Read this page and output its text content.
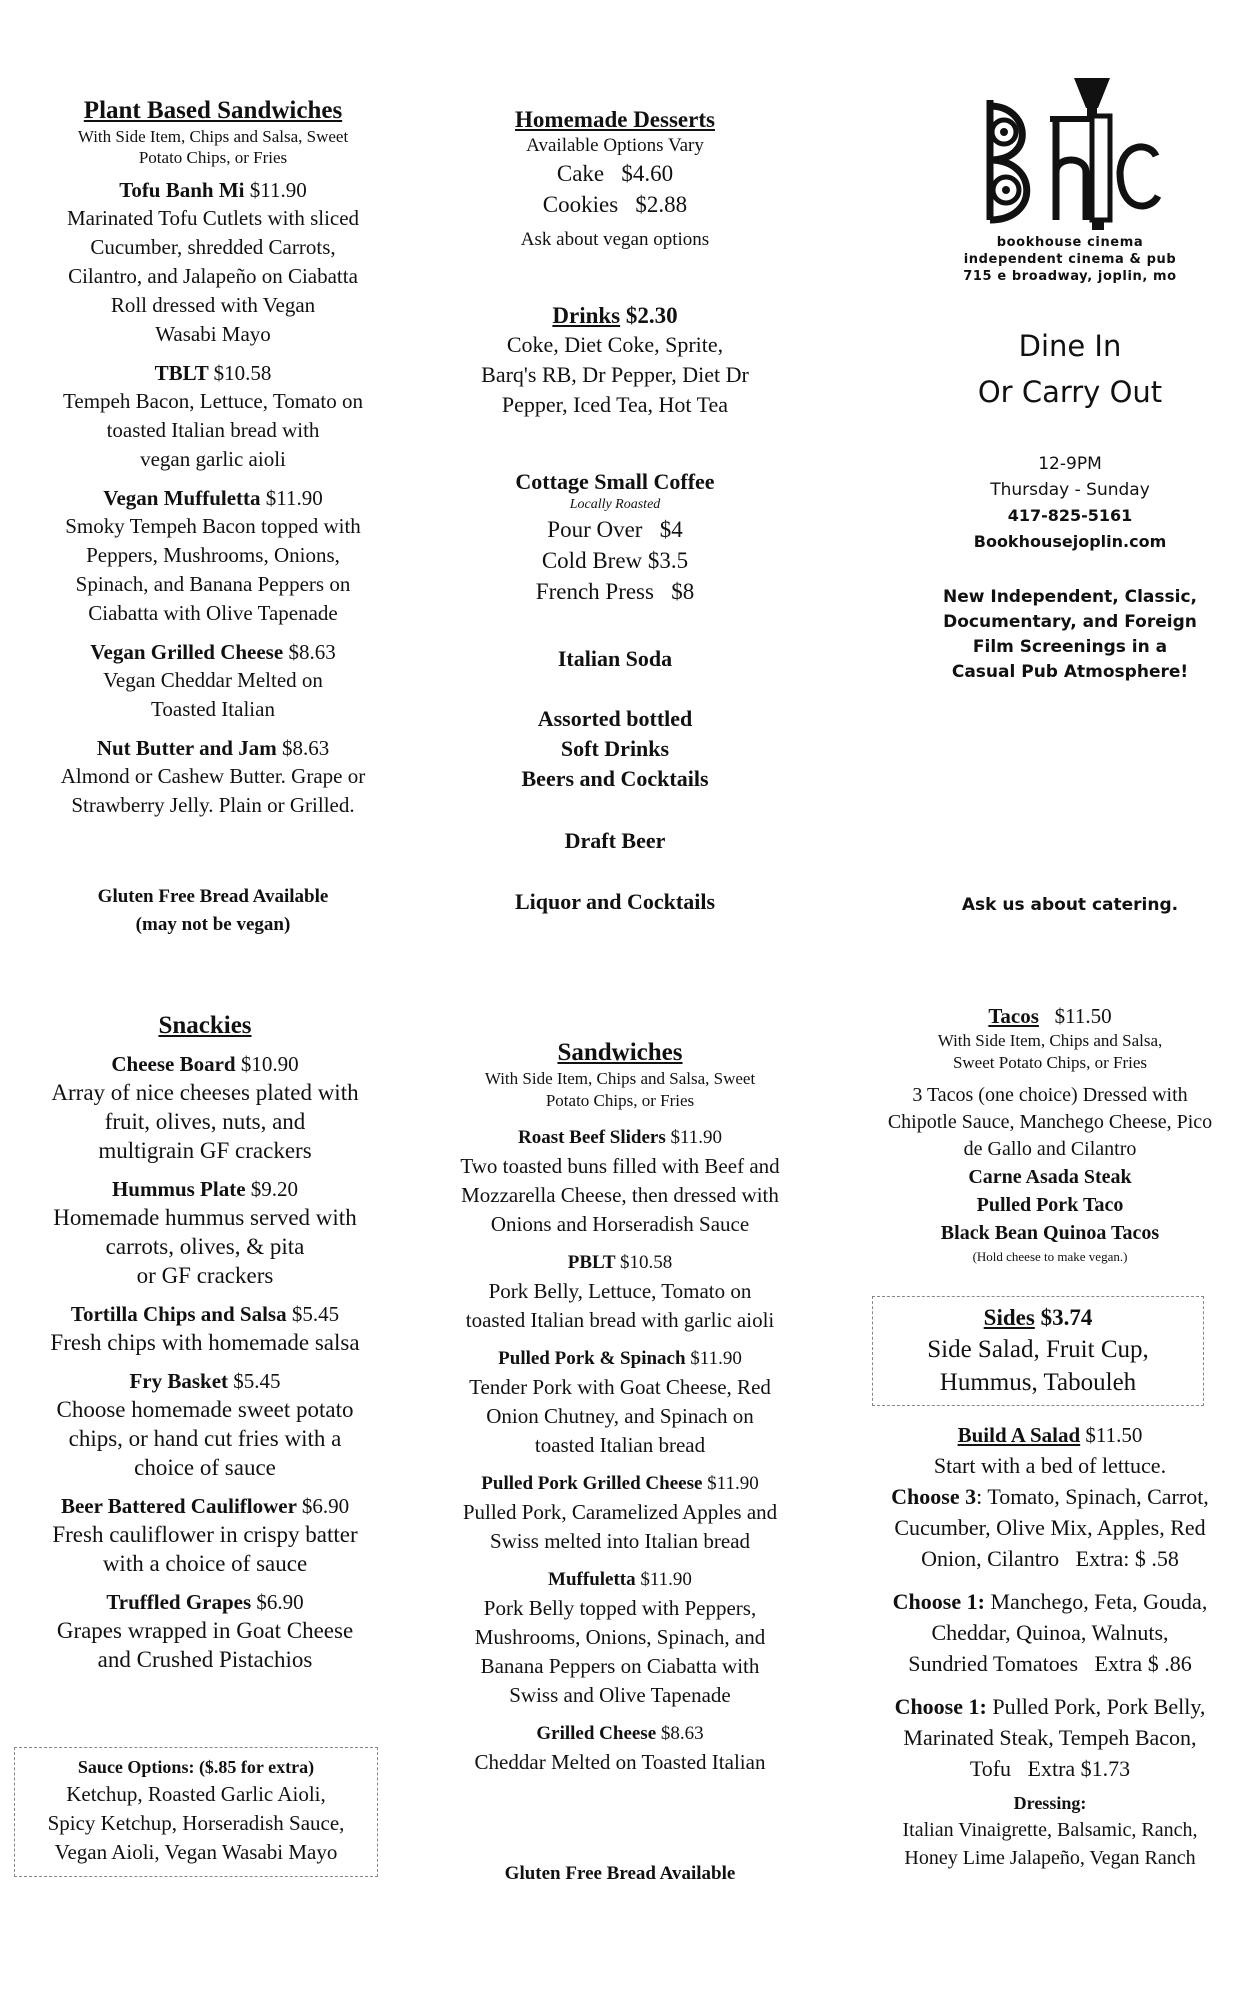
Plant Based Sandwiches
With Side Item, Chips and Salsa, Sweet
Potato Chips, or Fries
Tofu Banh Mi $11.90
Marinated Tofu Cutlets with sliced
Cucumber, shredded Carrots,
Cilantro, and Jalapeño on Ciabatta
Roll dressed with Vegan
Wasabi Mayo
TBLT $10.58
Tempeh Bacon, Lettuce, Tomato on
toasted Italian bread with
vegan garlic aioli
Vegan Muffuletta $11.90
Smoky Tempeh Bacon topped with
Peppers, Mushrooms, Onions,
Spinach, and Banana Peppers on
Ciabatta with Olive Tapenade
Vegan Grilled Cheese $8.63
Vegan Cheddar Melted on
Toasted Italian
Nut Butter and Jam $8.63
Almond or Cashew Butter. Grape or
Strawberry Jelly. Plain or Grilled.
Gluten Free Bread Available
(may not be vegan)
Homemade Desserts
Available Options Vary
Cake   $4.60
Cookies   $2.88
Ask about vegan options
Drinks $2.30
Coke, Diet Coke, Sprite,
Barq's RB, Dr Pepper, Diet Dr
Pepper, Iced Tea, Hot Tea
Cottage Small Coffee
Locally Roasted
Pour Over   $4
Cold Brew $3.5
French Press   $8
Italian Soda
Assorted bottled
Soft Drinks
Beers and Cocktails
Draft Beer
Liquor and Cocktails
bookhouse cinema
independent cinema & pub
715 e broadway, joplin, mo
Dine In
Or Carry Out
12-9PM
Thursday - Sunday
417-825-5161
Bookhousejoplin.com
New Independent, Classic,
Documentary, and Foreign
Film Screenings in a
Casual Pub Atmosphere!
Ask us about catering.
Snackies
Cheese Board $10.90
Array of nice cheeses plated with
fruit, olives, nuts, and
multigrain GF crackers
Hummus Plate $9.20
Homemade hummus served with
carrots, olives, & pita
or GF crackers
Tortilla Chips and Salsa $5.45
Fresh chips with homemade salsa
Fry Basket $5.45
Choose homemade sweet potato
chips, or hand cut fries with a
choice of sauce
Beer Battered Cauliflower $6.90
Fresh cauliflower in crispy batter
with a choice of sauce
Truffled Grapes $6.90
Grapes wrapped in Goat Cheese
and Crushed Pistachios
Sauce Options: ($.85 for extra)
Ketchup, Roasted Garlic Aioli,
Spicy Ketchup, Horseradish Sauce,
Vegan Aioli, Vegan Wasabi Mayo
Sandwiches
With Side Item, Chips and Salsa, Sweet
Potato Chips, or Fries
Roast Beef Sliders $11.90
Two toasted buns filled with Beef and
Mozzarella Cheese, then dressed with
Onions and Horseradish Sauce
PBLT $10.58
Pork Belly, Lettuce, Tomato on
toasted Italian bread with garlic aioli
Pulled Pork & Spinach $11.90
Tender Pork with Goat Cheese, Red
Onion Chutney, and Spinach on
toasted Italian bread
Pulled Pork Grilled Cheese $11.90
Pulled Pork, Caramelized Apples and
Swiss melted into Italian bread
Muffuletta $11.90
Pork Belly topped with Peppers,
Mushrooms, Onions, Spinach, and
Banana Peppers on Ciabatta with
Swiss and Olive Tapenade
Grilled Cheese $8.63
Cheddar Melted on Toasted Italian
Gluten Free Bread Available
Tacos $11.50
With Side Item, Chips and Salsa,
Sweet Potato Chips, or Fries
3 Tacos (one choice) Dressed with
Chipotle Sauce, Manchego Cheese, Pico
de Gallo and Cilantro
Carne Asada Steak
Pulled Pork Taco
Black Bean Quinoa Tacos
(Hold cheese to make vegan.)
Sides $3.74
Side Salad, Fruit Cup,
Hummus, Tabouleh
Build A Salad $11.50
Start with a bed of lettuce.
Choose 3: Tomato, Spinach, Carrot,
Cucumber, Olive Mix, Apples, Red
Onion, Cilantro   Extra: $ .58
Choose 1: Manchego, Feta, Gouda,
Cheddar, Quinoa, Walnuts,
Sundried Tomatoes   Extra $ .86
Choose 1: Pulled Pork, Pork Belly,
Marinated Steak, Tempeh Bacon,
Tofu   Extra $1.73
Dressing:
Italian Vinaigrette, Balsamic, Ranch,
Honey Lime Jalapeño, Vegan Ranch
